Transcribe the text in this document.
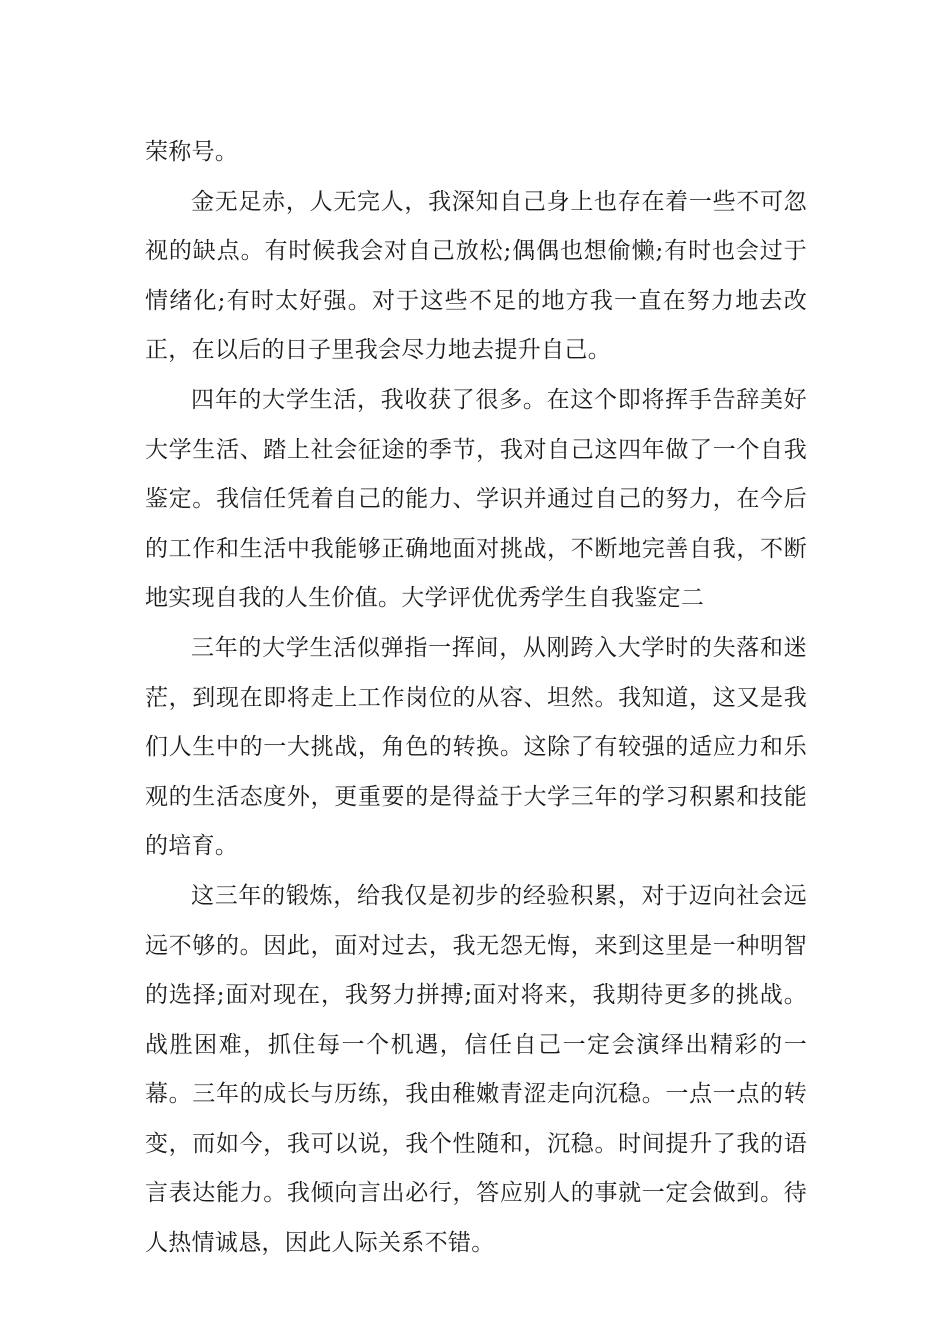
荣称号。

金无足赤，人无完人，我深知自己身上也存在着一些不可忽视的缺点。有时候我会对自己放松;偶偶也想偷懒;有时也会过于情绪化;有时太好强。对于这些不足的地方我一直在努力地去改正，在以后的日子里我会尽力地去提升自己。

四年的大学生活，我收获了很多。在这个即将挥手告辞美好大学生活、踏上社会征途的季节，我对自己这四年做了一个自我鉴定。我信任凭着自己的能力、学识并通过自己的努力，在今后的工作和生活中我能够正确地面对挑战，不断地完善自我，不断地实现自我的人生价值。大学评优优秀学生自我鉴定二

三年的大学生活似弹指一挥间，从刚跨入大学时的失落和迷茫，到现在即将走上工作岗位的从容、坦然。我知道，这又是我们人生中的一大挑战，角色的转换。这除了有较强的适应力和乐观的生活态度外，更重要的是得益于大学三年的学习积累和技能的培育。

这三年的锻炼，给我仅是初步的经验积累，对于迈向社会远远不够的。因此，面对过去，我无怨无悔，来到这里是一种明智的选择;面对现在，我努力拼搏;面对将来，我期待更多的挑战。战胜困难，抓住每一个机遇，信任自己一定会演绎出精彩的一幕。三年的成长与历练，我由稚嫩青涩走向沉稳。一点一点的转变，而如今，我可以说，我个性随和，沉稳。时间提升了我的语言表达能力。我倾向言出必行，答应别人的事就一定会做到。待人热情诚恳，因此人际关系不错。
